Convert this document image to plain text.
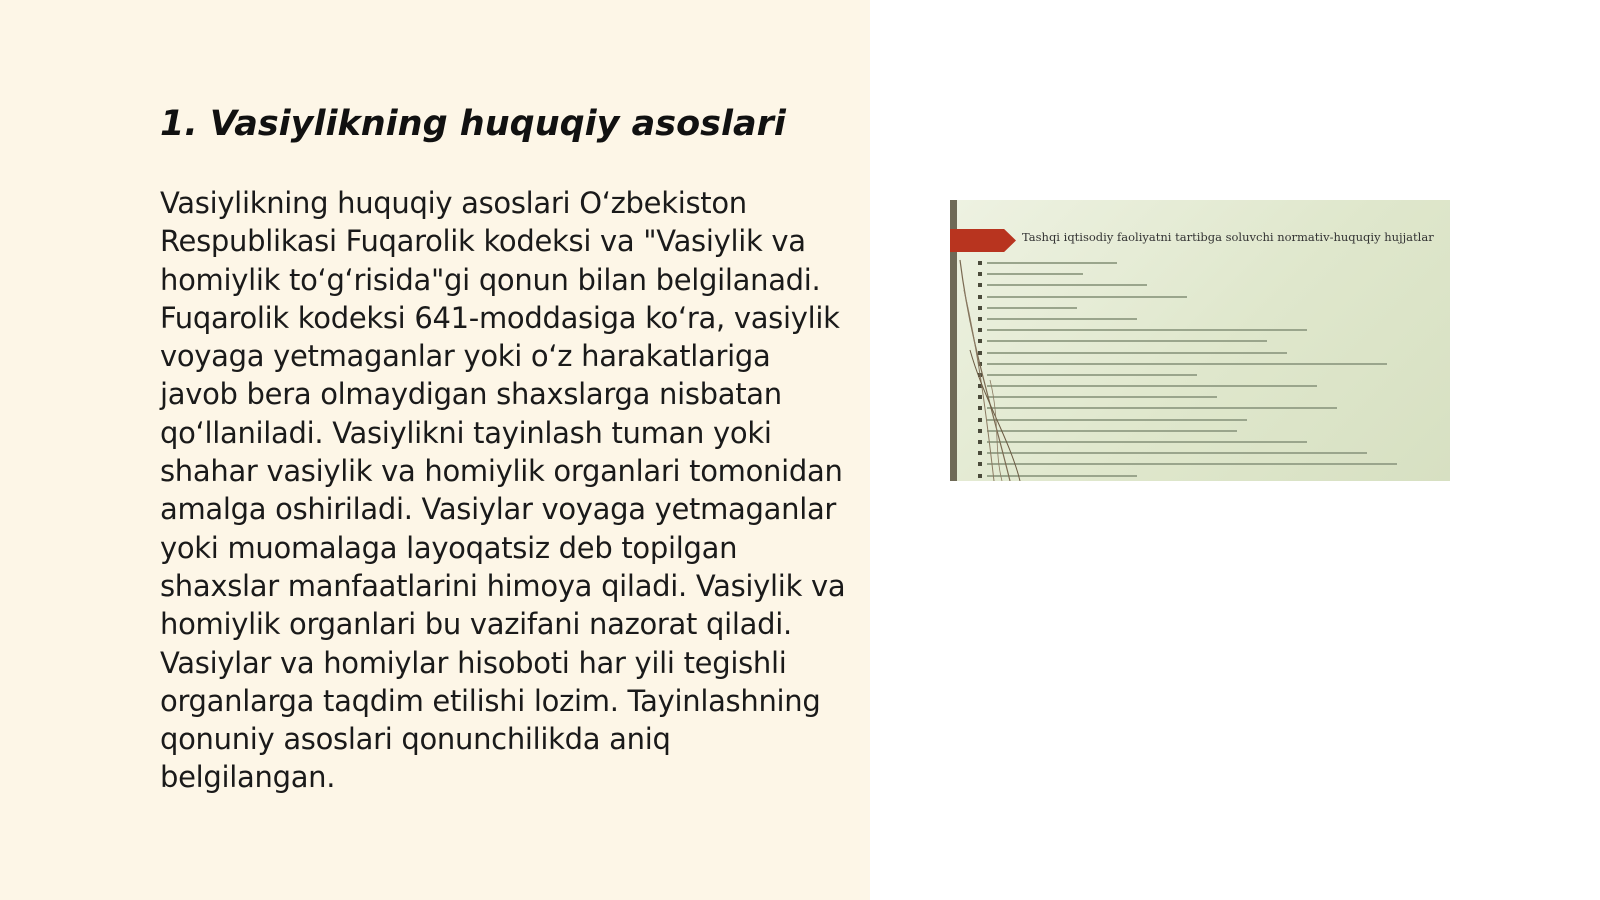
1. Vasiylikning huquqiy asoslari

Vasiylikning huquqiy asoslari Oʻzbekiston Respublikasi Fuqarolik kodeksi va "Vasiylik va homiylik toʻgʻrisida"gi qonun bilan belgilanadi. Fuqarolik kodeksi 641-moddasiga koʻra, vasiylik voyaga yetmaganlar yoki oʻz harakatlariga javob bera olmaydigan shaxslarga nisbatan qoʻllaniladi. Vasiylikni tayinlash tuman yoki shahar vasiylik va homiylik organlari tomonidan amalga oshiriladi. Vasiylar voyaga yetmaganlar yoki muomalaga layoqatsiz deb topilgan shaxslar manfaatlarini himoya qiladi. Vasiylik va homiylik organlari bu vazifani nazorat qiladi. Vasiylar va homiylar hisoboti har yili tegishli organlarga taqdim etilishi lozim. Tayinlashning qonuniy asoslari qonunchilikda aniq belgilangan.

Tashqi iqtisodiy faoliyatni tartibga soluvchi normativ-huquqiy hujjatlar
